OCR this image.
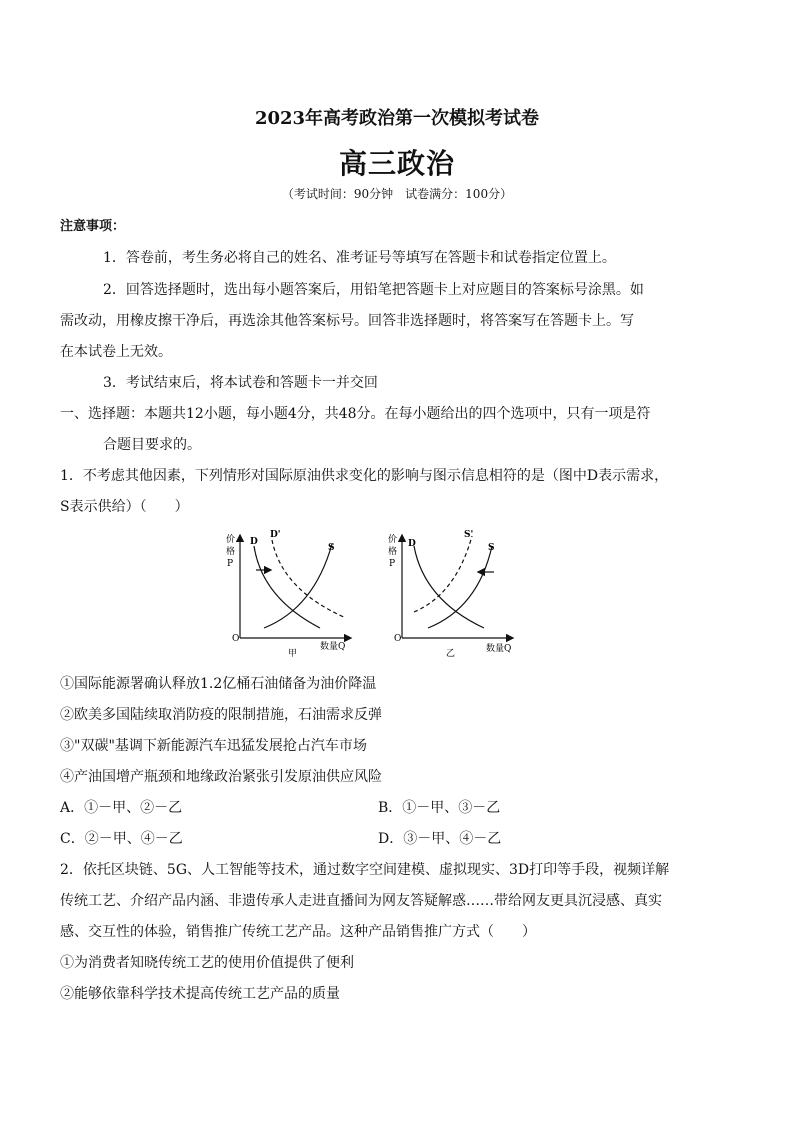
2023年高考政治第一次模拟考试卷
高三政治
（考试时间：90分钟　试卷满分：100分）
注意事项：
1．答卷前，考生务必将自己的姓名、准考证号等填写在答题卡和试卷指定位置上。
2．回答选择题时，选出每小题答案后，用铅笔把答题卡上对应题目的答案标号涂黑。如
需改动，用橡皮擦干净后，再选涂其他答案标号。回答非选择题时，将答案写在答题卡上。写
在本试卷上无效。
3．考试结束后，将本试卷和答题卡一并交回
一、选择题：本题共12小题，每小题4分，共48分。在每小题给出的四个选项中，只有一项是符
合题目要求的。
1．不考虑其他因素，下列情形对国际原油供求变化的影响与图示信息相符的是（图中D表示需求，
S表示供给）（　　）
价
格
P
O
数量Q
甲
D
D'
S
价
格
P
O
数量Q
乙
D
S'
S
①国际能源署确认释放1.2亿桶石油储备为油价降温
②欧美多国陆续取消防疫的限制措施，石油需求反弹
③"双碳"基调下新能源汽车迅猛发展抢占汽车市场
④产油国增产瓶颈和地缘政治紧张引发原油供应风险
A．①－甲、②－乙	B．①－甲、③－乙
C．②－甲、④－乙	D．③－甲、④－乙
2．依托区块链、5G、人工智能等技术，通过数字空间建模、虚拟现实、3D打印等手段，视频详解
传统工艺、介绍产品内涵、非遗传承人走进直播间为网友答疑解惑……带给网友更具沉浸感、真实
感、交互性的体验，销售推广传统工艺产品。这种产品销售推广方式（　　）
①为消费者知晓传统工艺的使用价值提供了便利
②能够依靠科学技术提高传统工艺产品的质量
